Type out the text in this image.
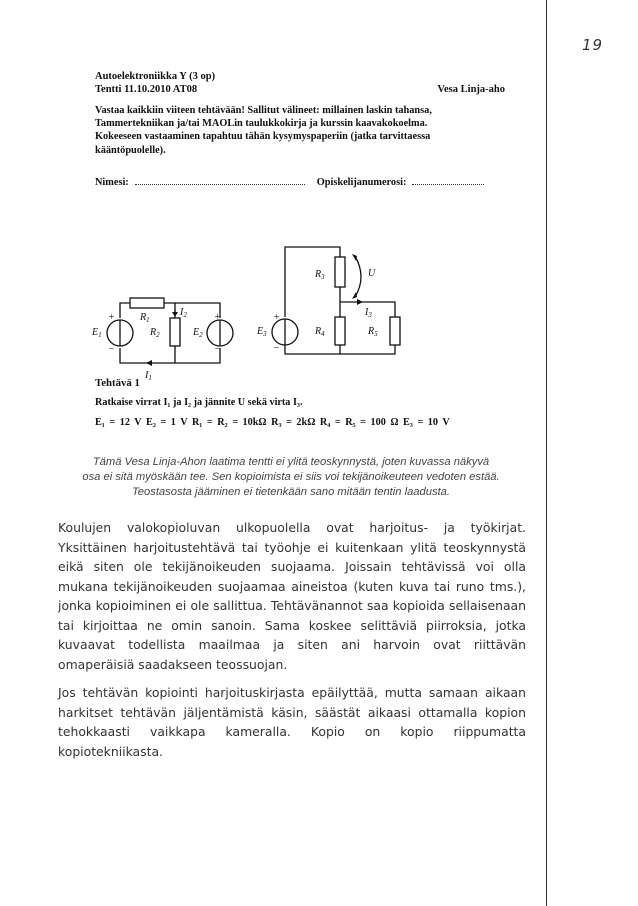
19
Autoelektroniikka Y (3 op)
Tentti 11.10.2010 AT08	Vesa Linja-aho
Vastaa kaikkiin viiteen tehtävään! Sallitut välineet: millainen laskin tahansa,
Tammertekniikan ja/tai MAOLin taulukkokirja ja kurssin kaavakokoelma.
Kokeeseen vastaaminen tapahtuu tähän kysymyspaperiin (jatka tarvittaessa
kääntöpuolelle).
Nimesi:	Opiskelijanumerosi:
$E_1$
$R_1$
$I_2$
$R_2$	$E_2$
$I_1$
+
−
+
−
$R_3$	U
$I_3$
$E_3$	$R_4$	$R_5$
+
−
Tehtävä 1
Ratkaise virrat I₁ ja I₂ ja jännite U sekä virta I₃.
E₁ = 12 V E₂ = 1 V R₁ = R₂ = 10kΩ R₃ = 2kΩ R₄ = R₅ = 100 Ω E₃ = 10 V
Tämä Vesa Linja-Ahon laatima tentti ei ylitä teoskynnystä, joten kuvassa näkyvä
osa ei sitä myöskään tee. Sen kopioimista ei siis voi tekijänoikeuteen vedoten estää.
Teostasosta jääminen ei tietenkään sano mitään tentin laadusta.

Koulujen valokopioluvan ulkopuolella ovat harjoitus- ja työkirjat. Yksittäinen harjoitustehtävä tai työohje ei kuitenkaan ylitä teoskynnystä eikä siten ole tekijänoikeuden suojaama. Joissain tehtävissä voi olla mukana tekijänoikeuden suojaamaa aineistoa (kuten kuva tai runo tms.), jonka kopioiminen ei ole sallittua. Tehtävänannot saa kopioida sellaisenaan tai kirjoittaa ne omin sanoin. Sama koskee selittäviä piirroksia, jotka kuvaavat todellista maailmaa ja siten ani harvoin ovat riittävän omaperäisiä saadakseen teossuojan.

Jos tehtävän kopiointi harjoituskirjasta epäilyttää, mutta samaan aikaan harkitset tehtävän jäljentämistä käsin, säästät aikaasi ottamalla kopion tehokkaasti vaikkapa kameralla. Kopio on kopio riippumatta kopiotekniikasta.
